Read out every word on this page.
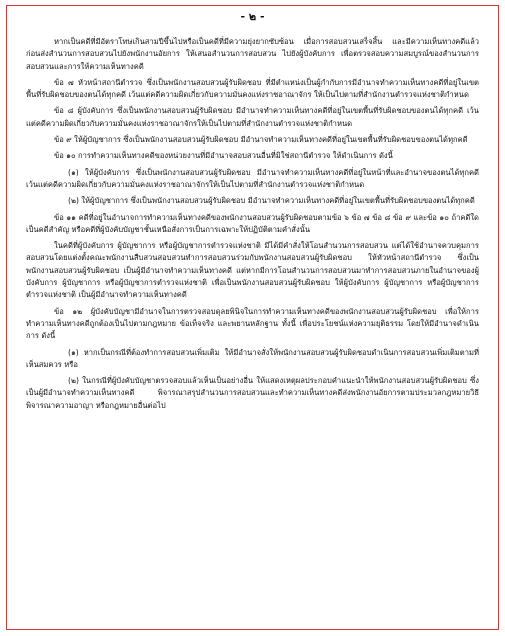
- ๒ -

หากเป็นคดีที่มีอัตราโทษเกินสามปีขึ้นไปหรือเป็นคดีที่มีความยุ่งยากซับซ้อน เมื่อการสอบสวนเสร็จสิ้น และมีความเห็นทางคดีแล้ว ก่อนส่งสำนวนการสอบสวนไปยังพนักงานอัยการ ให้เสนอสำนวนการสอบสวน ไปยังผู้บังคับการ เพื่อตรวจสอบความสมบูรณ์ของสำนวนการสอบสวนและการให้ความเห็นทางคดี

ข้อ ๗ หัวหน้าสถานีตำรวจ ซึ่งเป็นพนักงานสอบสวนผู้รับผิดชอบ ที่มีตำแหน่งเป็นผู้กำกับการมีอำนาจทำความเห็นทางคดีที่อยู่ในเขตพื้นที่รับผิดชอบของตนได้ทุกคดี เว้นแต่คดีความผิดเกี่ยวกับความมั่นคงแห่งราชอาณาจักร ให้เป็นไปตามที่สำนักงานตำรวจแห่งชาติกำหนด

ข้อ ๘ ผู้บังคับการ ซึ่งเป็นพนักงานสอบสวนผู้รับผิดชอบ มีอำนาจทำความเห็นทางคดีที่อยู่ในเขตพื้นที่รับผิดชอบของตนได้ทุกคดี เว้นแต่คดีความผิดเกี่ยวกับความมั่นคงแห่งราชอาณาจักรให้เป็นไปตามที่สำนักงานตำรวจแห่งชาติกำหนด

ข้อ ๙ ให้ผู้บัญชาการ ซึ่งเป็นพนักงานสอบสวนผู้รับผิดชอบ มีอำนาจทำความเห็นทางคดีที่อยู่ในเขตพื้นที่รับผิดชอบของตนได้ทุกคดี

ข้อ ๑๐ การทำความเห็นทางคดีของหน่วยงานที่มีอำนาจสอบสวนอื่นที่มิใช่สถานีตำรวจ ให้ดำเนินการ ดังนี้

(๑) ให้ผู้บังคับการ ซึ่งเป็นพนักงานสอบสวนผู้รับผิดชอบ มีอำนาจทำความเห็นทางคดีที่อยู่ในหน้าที่และอำนาจของตนได้ทุกคดี เว้นแต่คดีความผิดเกี่ยวกับความมั่นคงแห่งราชอาณาจักรให้เป็นไปตามที่สำนักงานตำรวจแห่งชาติกำหนด

(๒) ให้ผู้บัญชาการ ซึ่งเป็นพนักงานสอบสวนผู้รับผิดชอบ มีอำนาจทำความเห็นทางคดีที่อยู่ในเขตพื้นที่รับผิดชอบของตนได้ทุกคดี

ข้อ ๑๑ คดีที่อยู่ในอำนาจการทำความเห็นทางคดีของพนักงานสอบสวนผู้รับผิดชอบตามข้อ ๖ ข้อ ๗ ข้อ ๘ ข้อ ๙ และข้อ ๑๐ ถ้าคดีใดเป็นคดีสำคัญ หรือคดีที่ผู้บังคับบัญชาชั้นเหนือสั่งการเป็นการเฉพาะให้ปฏิบัติตามคำสั่งนั้น

ในคดีที่ผู้บังคับการ ผู้บัญชาการ หรือผู้บัญชาการตำรวจแห่งชาติ มีได้มีคำสั่งให้โอนสำนวนการสอบสวน แต่ได้ใช้อำนาจควบคุมการสอบสวนโดยแต่งตั้งคณะพนักงานสืบสวนสอบสวนทำการสอบสวนร่วมกับพนักงานสอบสวนผู้รับผิดชอบ ให้หัวหน้าสถานีตำรวจ ซึ่งเป็นพนักงานสอบสวนผู้รับผิดชอบ เป็นผู้มีอำนาจทำความเห็นทางคดี แต่หากมีการโอนสำนวนการสอบสวนมาทำการสอบสวนภายในอำนาจของผู้บังคับการ ผู้บัญชาการ หรือผู้บัญชาการตำรวจแห่งชาติ เพื่อเป็นพนักงานสอบสวนผู้รับผิดชอบ ให้ผู้บังคับการ ผู้บัญชาการ หรือผู้บัญชาการตำรวจแห่งชาติ เป็นผู้มีอำนาจทำความเห็นทางคดี

ข้อ ๑๒ ผู้บังคับบัญชามีอำนาจในการตรวจสอบดุลยพินิจในการทำความเห็นทางคดีของพนักงานสอบสวนผู้รับผิดชอบ เพื่อให้การทำความเห็นทางคดีถูกต้องเป็นไปตามกฎหมาย ข้อเท็จจริง และพยานหลักฐาน ทั้งนี้ เพื่อประโยชน์แห่งความยุติธรรม โดยให้มีอำนาจดำเนินการ ดังนี้

(๑) หากเป็นกรณีที่ต้องทำการสอบสวนเพิ่มเติม ให้มีอำนาจสั่งให้พนักงานสอบสวนผู้รับผิดชอบดำเนินการสอบสวนเพิ่มเติมตามที่เห็นสมควร หรือ

(๒) ในกรณีที่ผู้บังคับบัญชาตรวจสอบแล้วเห็นเป็นอย่างอื่น ให้แสดงเหตุผลประกอบคำแนะนำให้พนักงานสอบสวนผู้รับผิดชอบ ซึ่งเป็นผู้มีอำนาจทำความเห็นทางคดี พิจารณาสรุปสำนวนการสอบสวนและทำความเห็นทางคดีส่งพนักงานอัยการตามประมวลกฎหมายวิธีพิจารณาความอาญา หรือกฎหมายอื่นต่อไป
